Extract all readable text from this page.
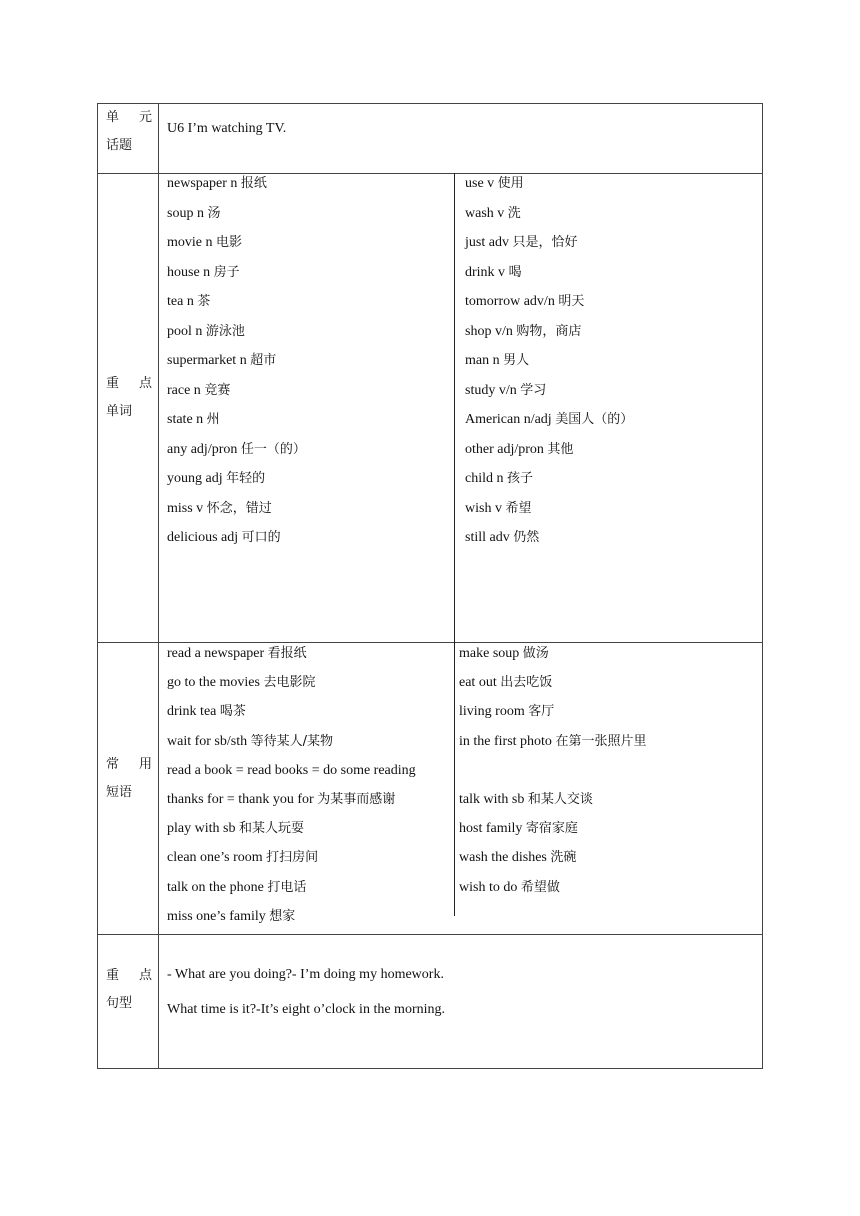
单 元
话题
U6 I’m watching TV.
重 点
单词
newspaper n 报纸
soup n 汤
movie n 电影
house n 房子
tea n 茶
pool n 游泳池
supermarket n 超市
race n 竞赛
state n 州
any adj/pron 任一（的）
young adj 年轻的
miss v 怀念，错过
delicious adj 可口的
use v 使用
wash v 洗
just adv 只是，恰好
drink v 喝
tomorrow adv/n 明天
shop v/n 购物，商店
man n 男人
study v/n 学习
American n/adj 美国人（的）
other adj/pron 其他
child n 孩子
wish v 希望
still adv 仍然
常 用
短语
read a newspaper 看报纸
go to the movies 去电影院
drink tea 喝茶
wait for sb/sth 等待某人/某物
read a book = read books = do some reading
thanks for = thank you for 为某事而感谢
play with sb 和某人玩耍
clean one’s room 打扫房间
talk on the phone 打电话
miss one’s family 想家
make soup 做汤
eat out 出去吃饭
living room 客厅
in the first photo 在第一张照片里
talk with sb 和某人交谈
host family 寄宿家庭
wash the dishes 洗碗
wish to do 希望做
重 点
句型
- What are you doing?- I’m doing my homework.
What time is it?-It’s eight o’clock in the morning.
